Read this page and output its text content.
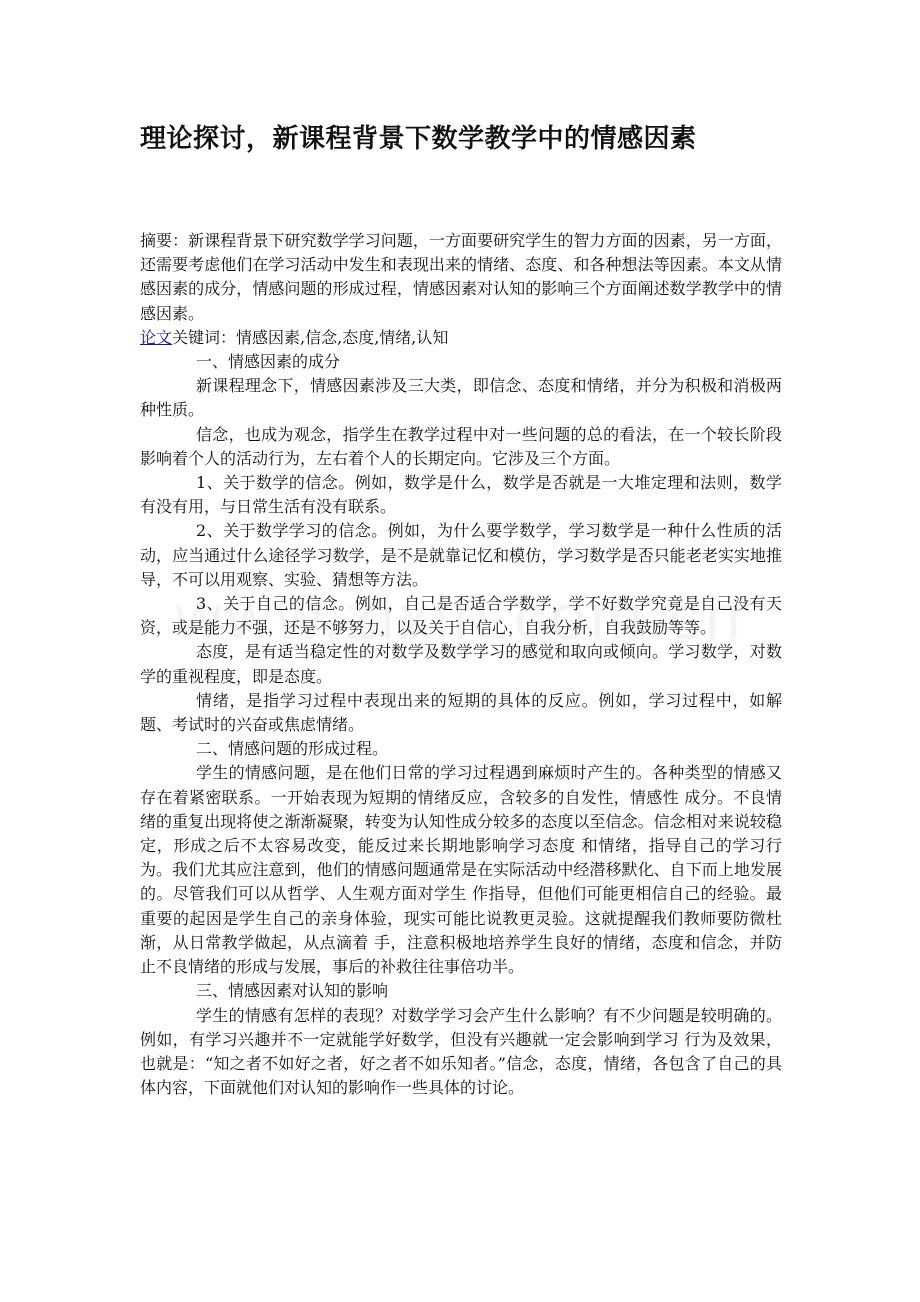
理论探讨，新课程背景下数学教学中的情感因素

摘要：新课程背景下研究数学学习问题，一方面要研究学生的智力方面的因素，另一方面，还需要考虑他们在学习活动中发生和表现出来的情绪、态度、和各种想法等因素。本文从情感因素的成分，情感问题的形成过程，情感因素对认知的影响三个方面阐述数学教学中的情感因素。

论文关键词：情感因素,信念,态度,情绪,认知

一、情感因素的成分

新课程理念下，情感因素涉及三大类，即信念、态度和情绪，并分为积极和消极两种性质。

信念，也成为观念，指学生在教学过程中对一些问题的总的看法，在一个较长阶段影响着个人的活动行为，左右着个人的长期定向。它涉及三个方面。

1、关于数学的信念。例如，数学是什么，数学是否就是一大堆定理和法则，数学有没有用，与日常生活有没有联系。

2、关于数学学习的信念。例如，为什么要学数学，学习数学是一种什么性质的活动，应当通过什么途径学习数学，是不是就靠记忆和模仿，学习数学是否只能老老实实地推导，不可以用观察、实验、猜想等方法。

3、关于自己的信念。例如，自己是否适合学数学，学不好数学究竟是自己没有天资，或是能力不强，还是不够努力，以及关于自信心，自我分析，自我鼓励等等。

态度，是有适当稳定性的对数学及数学学习的感觉和取向或倾向。学习数学，对数学的重视程度，即是态度。

情绪，是指学习过程中表现出来的短期的具体的反应。例如，学习过程中，如解题、考试时的兴奋或焦虑情绪。

二、情感问题的形成过程。

学生的情感问题，是在他们日常的学习过程遇到麻烦时产生的。各种类型的情感又存在着紧密联系。一开始表现为短期的情绪反应，含较多的自发性，情感性 成分。不良情绪的重复出现将使之渐渐凝聚，转变为认知性成分较多的态度以至信念。信念相对来说较稳定，形成之后不太容易改变，能反过来长期地影响学习态度 和情绪，指导自己的学习行为。我们尤其应注意到，他们的情感问题通常是在实际活动中经潜移默化、自下而上地发展的。尽管我们可以从哲学、人生观方面对学生 作指导，但他们可能更相信自己的经验。最重要的起因是学生自己的亲身体验，现实可能比说教更灵验。这就提醒我们教师要防微杜渐，从日常教学做起，从点滴着 手，注意积极地培养学生良好的情绪，态度和信念，并防止不良情绪的形成与发展，事后的补救往往事倍功半。

三、情感因素对认知的影响

学生的情感有怎样的表现？对数学学习会产生什么影响？有不少问题是较明确的。例如，有学习兴趣并不一定就能学好数学，但没有兴趣就一定会影响到学习 行为及效果，也就是：“知之者不如好之者，好之者不如乐知者。”信念，态度，情绪，各包含了自己的具体内容，下面就他们对认知的影响作一些具体的讨论。
